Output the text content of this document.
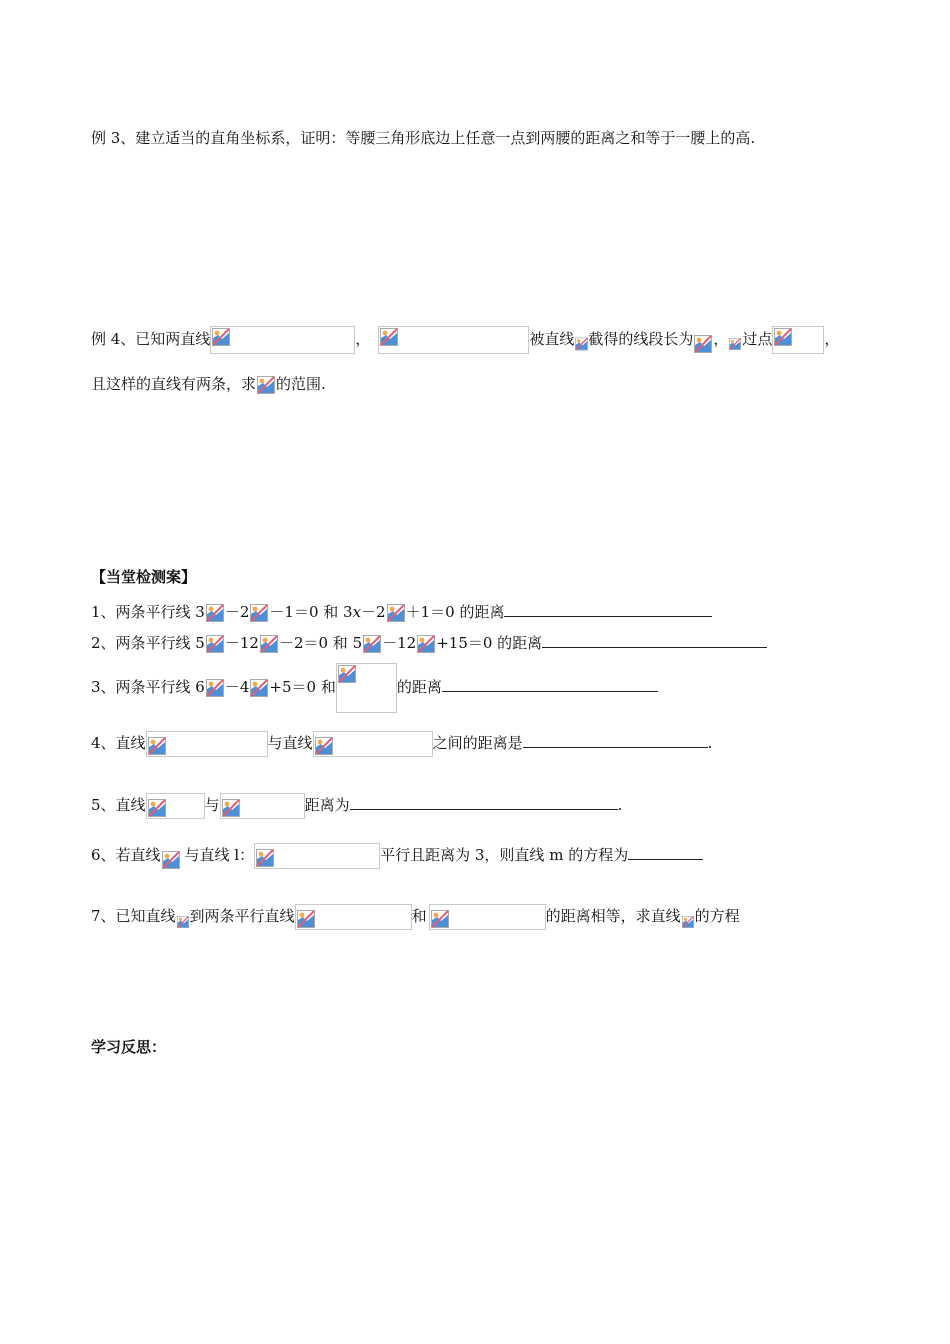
例 3、建立适当的直角坐标系，证明：等腰三角形底边上任意一点到两腰的距离之和等于一腰上的高.
例 4、已知两直线	，	被直线 截得的线段长为 ， 过点	，
且这样的直线有两条，求 的范围.
【当堂检测案】
1、两条平行线 3 －2 －1＝0 和 3x－2 ＋1＝0 的距离
2、两条平行线 5 －12 －2＝0 和 5 －12 +15＝0 的距离
3、两条平行线 6 －4 +5＝0 和	的距离
4、直线	与直线	之间的距离是	.
5、直线	与	距离为	.
6、若直线 与直线 l：	平行且距离为 3，则直线 m 的方程为
7、已知直线 到两条平行直线	和	的距离相等，求直线 的方程
学习反思：
